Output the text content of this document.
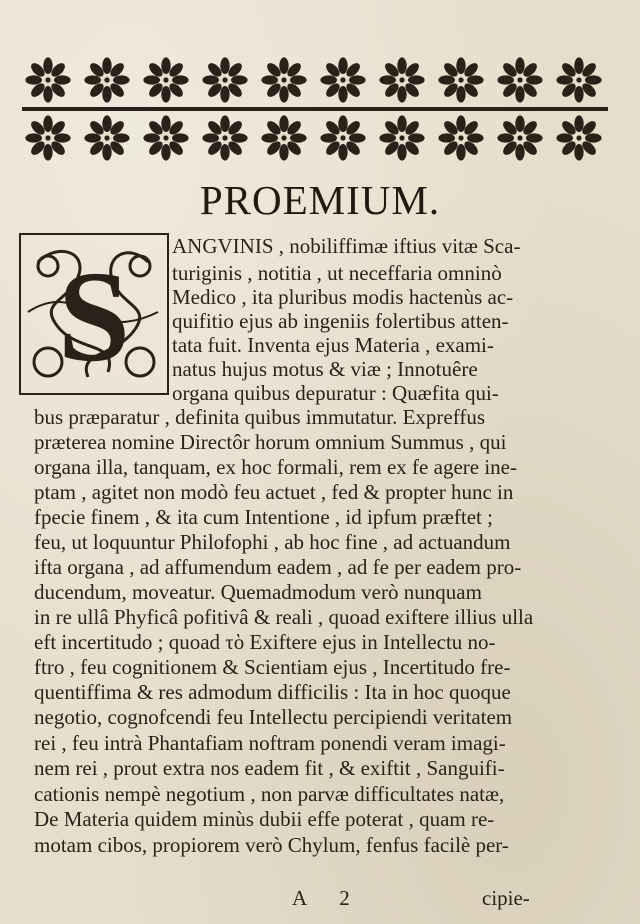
PROEMIUM.
S ANGVINIS , nobiliffimæ iftius vitæ Sca-
turiginis , notitia , ut neceffaria omninò
Medico , ita pluribus modis hactenùs ac-
quifitio ejus ab ingeniis folertibus atten-
tata fuit. Inventa ejus Materia , exami-
natus hujus motus & viæ ; Innotuêre
organa quibus depuratur : Quæfita qui-
bus præparatur , definita quibus immutatur. Expreffus
præterea nomine Directôr horum omnium Summus , qui
organa illa, tanquam, ex hoc formali, rem ex fe agere ine-
ptam , agitet non modò feu actuet , fed & propter hunc in
fpecie finem , & ita cum Intentione , id ipfum præftet ;
feu, ut loquuntur Philofophi , ab hoc fine , ad actuandum
ifta organa , ad affumendum eadem , ad fe per eadem pro-
ducendum, moveatur. Quemadmodum verò nunquam
in re ullâ Phyficâ pofitivâ & reali , quoad exiftere illius ulla
eft incertitudo ; quoad τὸ Exiftere ejus in Intellectu no-
ftro , feu cognitionem & Scientiam ejus , Incertitudo fre-
quentiffima & res admodum difficilis : Ita in hoc quoque
negotio, cognofcendi feu Intellectu percipiendi veritatem
rei , feu intrà Phantafiam noftram ponendi veram imagi-
nem rei , prout extra nos eadem fit , & exiftit , Sanguifi-
cationis nempè negotium , non parvæ difficultates natæ,
De Materia quidem minùs dubii effe poterat , quam re-
motam cibos, propiorem verò Chylum, fenfus facilè per-
A 2	cipie-
